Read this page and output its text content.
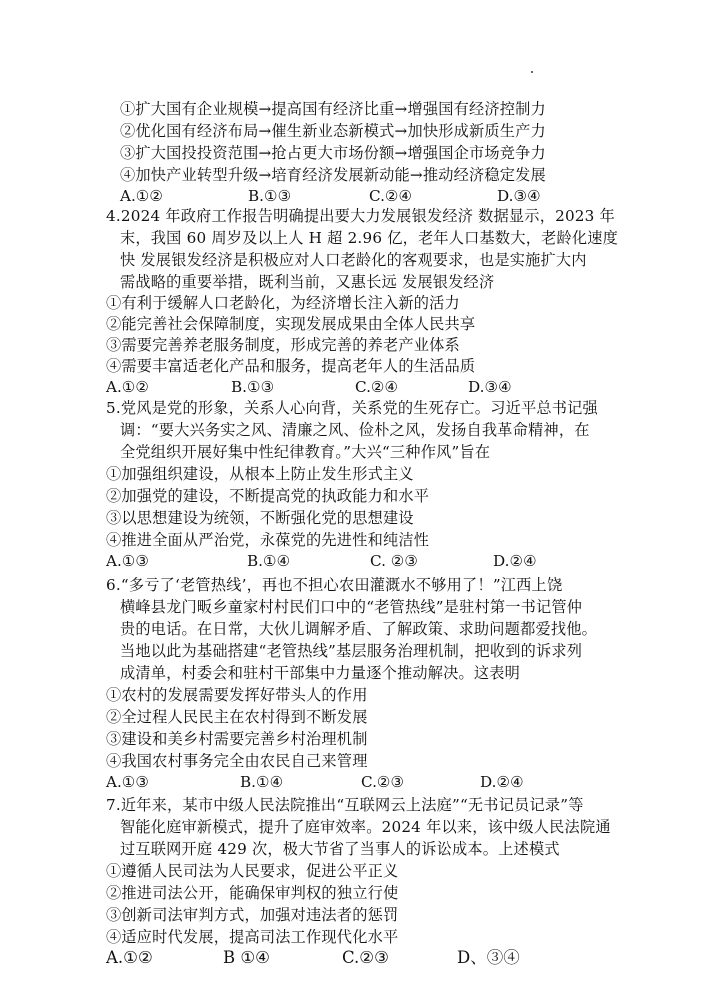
①扩大国有企业规模→提高国有经济比重→增强国有经济控制力
②优化国有经济布局→催生新业态新模式→加快形成新质生产力
③扩大国投投资范围→抢占更大市场份额→增强国企市场竞争力
④加快产业转型升级→培育经济发展新动能→推动经济稳定发展
A.①②	B.①③	C.②④	D.③④
4.2024 年政府工作报告明确提出要大力发展银发经济 数据显示，2023 年
末，我国 60 周岁及以上人 H 超 2.96 亿，老年人口基数大，老龄化速度
快 发展银发经济是积极应对人口老龄化的客观要求，也是实施扩大内
需战略的重要举措，既利当前，又惠长远 发展银发经济
①有利于缓解人口老龄化，为经济增长注入新的活力
②能完善社会保障制度，实现发展成果由全体人民共享
③需要完善养老服务制度，形成完善的养老产业体系
④需要丰富适老化产品和服务，提高老年人的生活品质
A.①②	B.①③	C.②④	D.③④
5.党风是党的形象，关系人心向背，关系党的生死存亡。习近平总书记强
调：“要大兴务实之风、清廉之风、俭朴之风，发扬自我革命精神，在
全党组织开展好集中性纪律教育。”大兴“三种作风”旨在
①加强组织建设，从根本上防止发生形式主义
②加强党的建设，不断提高党的执政能力和水平
③以思想建设为统领，不断强化党的思想建设
④推进全面从严治党，永葆党的先进性和纯洁性
A.①③	B.①④	C. ②③	D.②④
6.“多亏了‘老管热线’，再也不担心农田灌溉水不够用了！”江西上饶
横峰县龙门畈乡童家村村民们口中的“老管热线”是驻村第一书记管仲
贵的电话。在日常，大伙儿调解矛盾、了解政策、求助问题都爱找他。
当地以此为基础搭建“老管热线”基层服务治理机制，把收到的诉求列
成清单，村委会和驻村干部集中力量逐个推动解决。这表明
①农村的发展需要发挥好带头人的作用
②全过程人民民主在农村得到不断发展
③建设和美乡村需要完善乡村治理机制
④我国农村事务完全由农民自己来管理
A.①③	B.①④	C.②③	D.②④
7.近年来，某市中级人民法院推出“互联网云上法庭”“无书记员记录”等
智能化庭审新模式，提升了庭审效率。2024 年以来，该中级人民法院通
过互联网开庭 429 次，极大节省了当事人的诉讼成本。上述模式
①遵循人民司法为人民要求，促进公平正义
②推进司法公开，能确保审判权的独立行使
③创新司法审判方式，加强对违法者的惩罚
④适应时代发展，提高司法工作现代化水平
A.①②	B ①④	C.②③	D、③④
